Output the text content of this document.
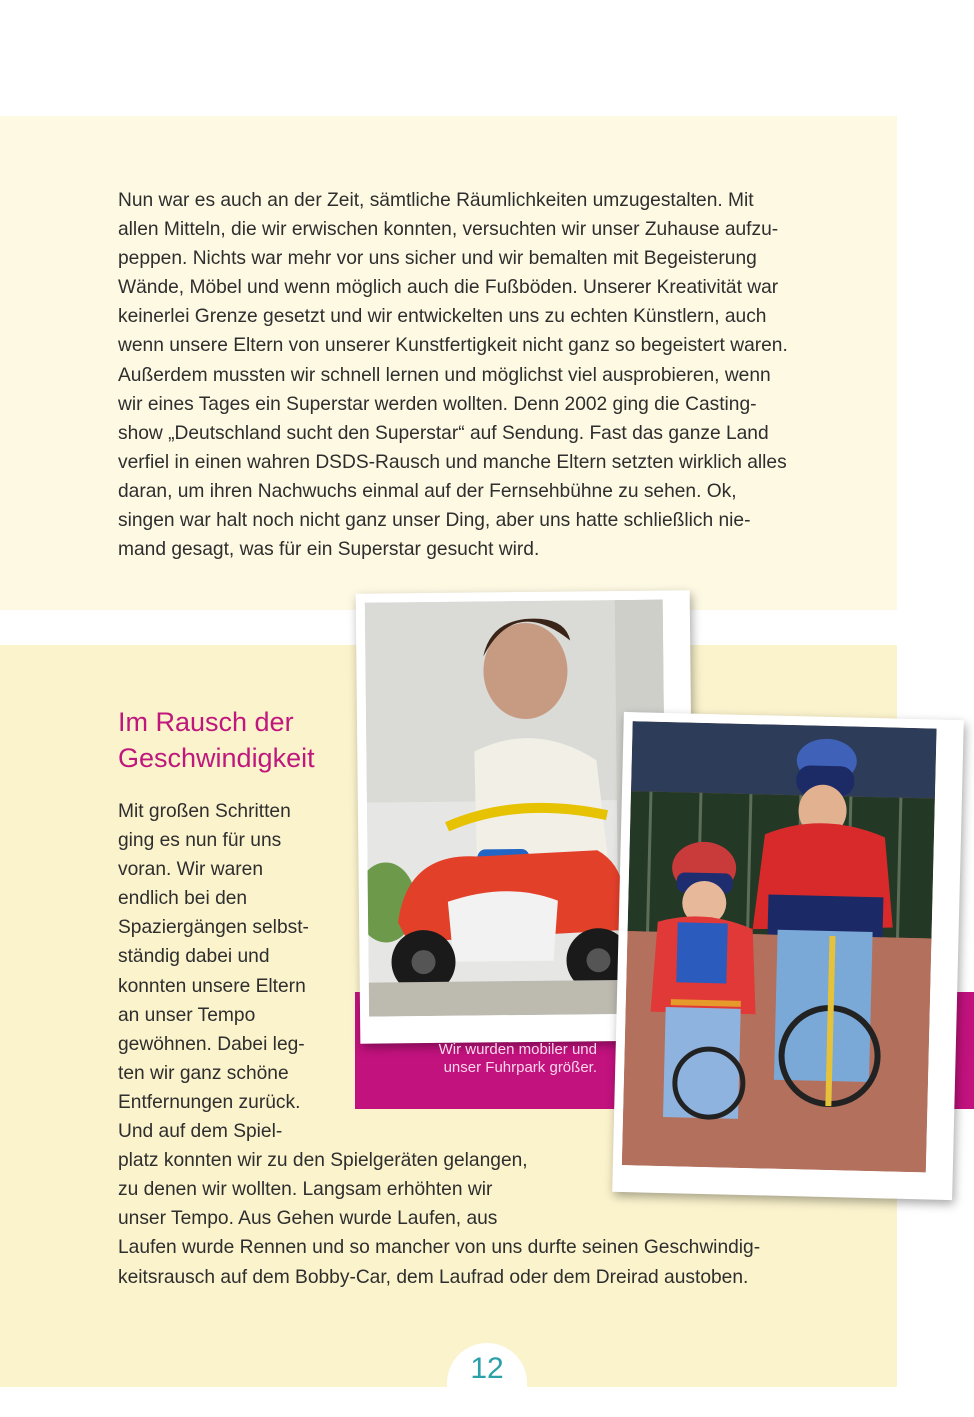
Nun war es auch an der Zeit, sämtliche Räumlichkeiten umzugestalten. Mit
allen Mitteln, die wir erwischen konnten, versuchten wir unser Zuhause aufzu-
peppen. Nichts war mehr vor uns sicher und wir bemalten mit Begeisterung
Wände, Möbel und wenn möglich auch die Fußböden. Unserer Kreativität war
keinerlei Grenze gesetzt und wir entwickelten uns zu echten Künstlern, auch
wenn unsere Eltern von unserer Kunstfertigkeit nicht ganz so begeistert waren.
Außerdem mussten wir schnell lernen und möglichst viel ausprobieren, wenn
wir eines Tages ein Superstar werden wollten. Denn 2002 ging die Casting-
show „Deutschland sucht den Superstar“ auf Sendung. Fast das ganze Land
verfiel in einen wahren DSDS-Rausch und manche Eltern setzten wirklich alles
daran, um ihren Nachwuchs einmal auf der Fernsehbühne zu sehen. Ok,
singen war halt noch nicht ganz unser Ding, aber uns hatte schließlich nie-
mand gesagt, was für ein Superstar gesucht wird.
Wir wurden mobiler und
unser Fuhrpark größer.
Im Rausch der
Geschwindigkeit
Mit großen Schritten
ging es nun für uns
voran. Wir waren
endlich bei den
Spaziergängen selbst-
ständig dabei und
konnten unsere Eltern
an unser Tempo
gewöhnen. Dabei leg-
ten wir ganz schöne
Entfernungen zurück.
Und auf dem Spiel-
platz konnten wir zu den Spielgeräten gelangen,
zu denen wir wollten. Langsam erhöhten wir
unser Tempo. Aus Gehen wurde Laufen, aus
Laufen wurde Rennen und so mancher von uns durfte seinen Geschwindig-
keitsrausch auf dem Bobby-Car, dem Laufrad oder dem Dreirad austoben.
12
